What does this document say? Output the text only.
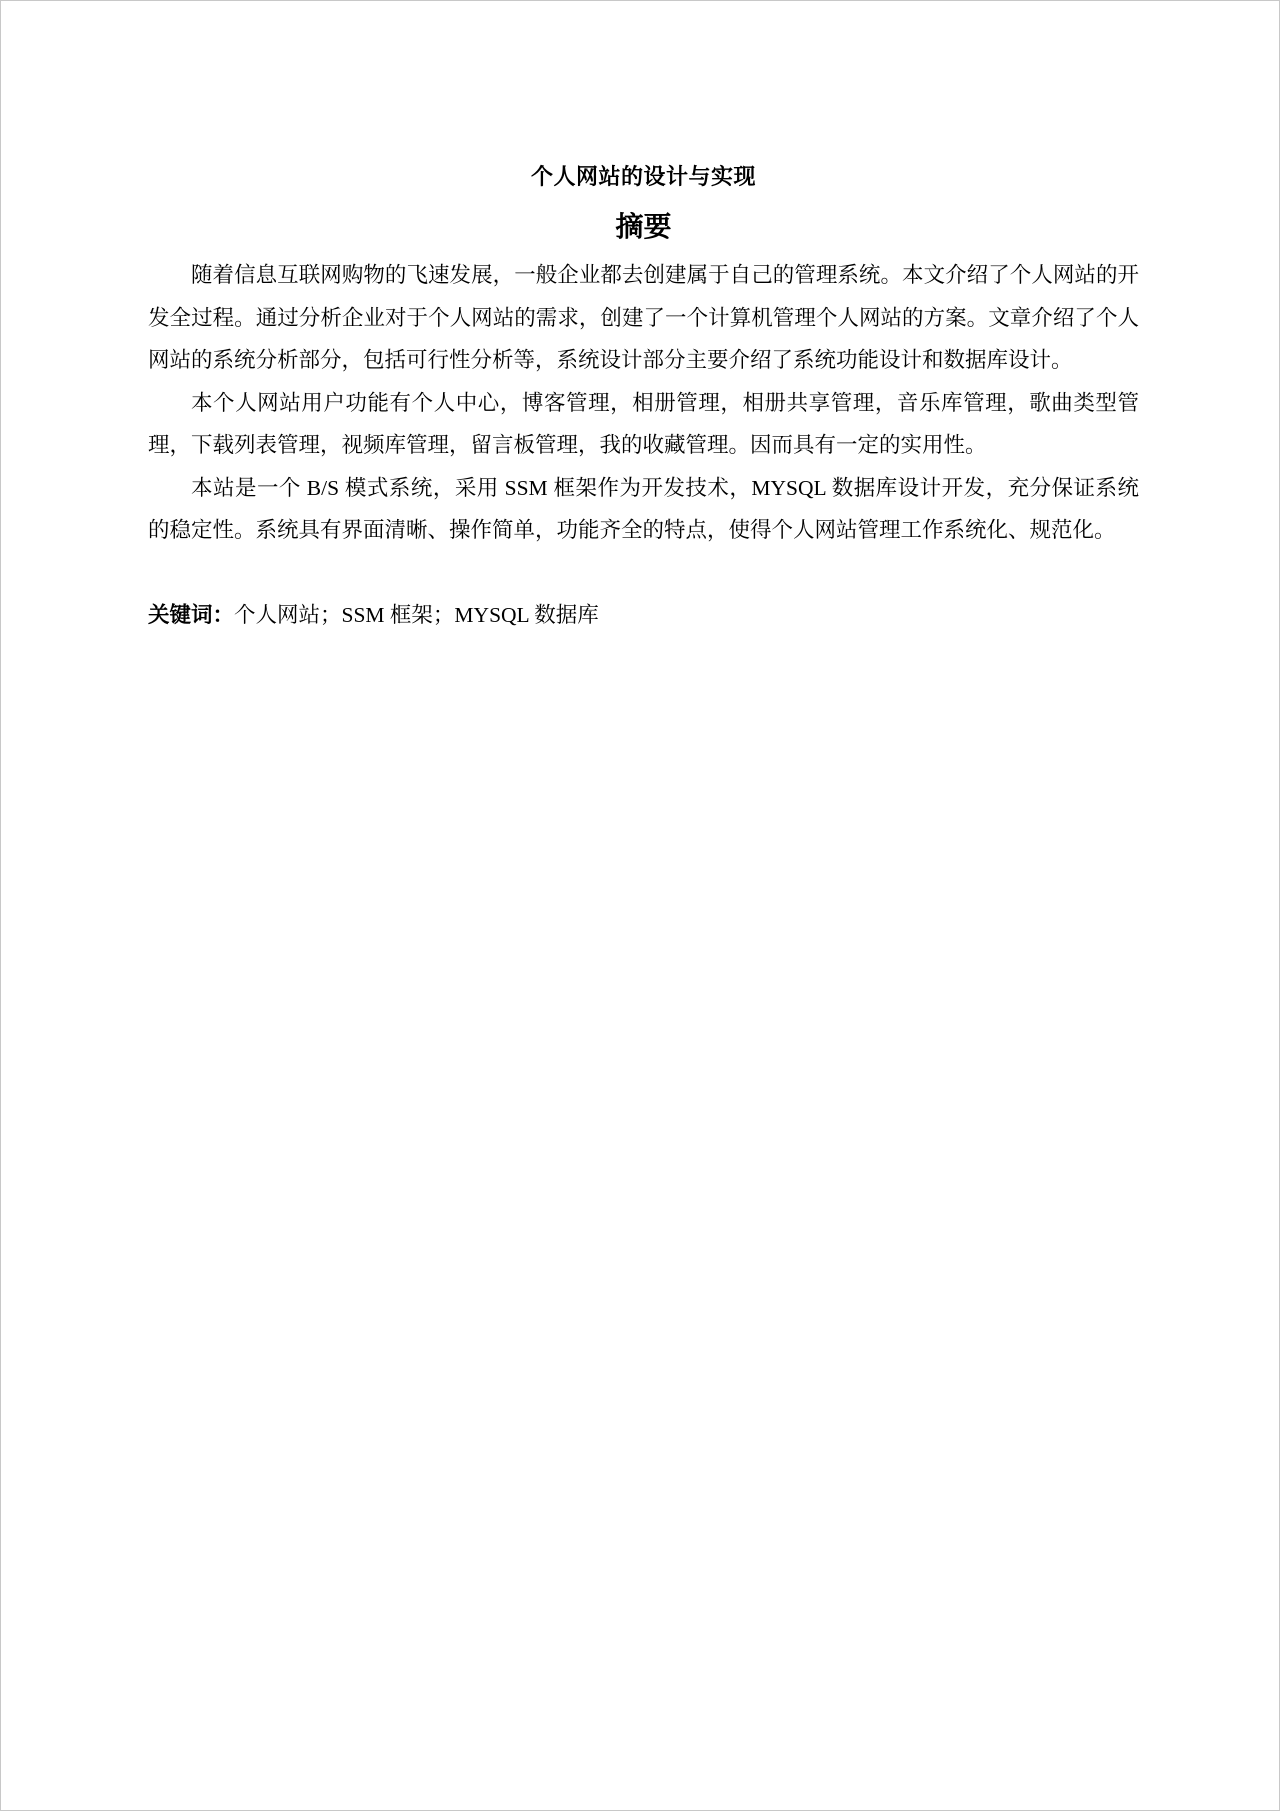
个人网站的设计与实现
摘要

随着信息互联网购物的飞速发展，一般企业都去创建属于自己的管理系统。本文介绍了个人网站的开发全过程。通过分析企业对于个人网站的需求，创建了一个计算机管理个人网站的方案。文章介绍了个人网站的系统分析部分，包括可行性分析等，系统设计部分主要介绍了系统功能设计和数据库设计。

本个人网站用户功能有个人中心，博客管理，相册管理，相册共享管理，音乐库管理，歌曲类型管理，下载列表管理，视频库管理，留言板管理，我的收藏管理。因而具有一定的实用性。

本站是一个 B/S 模式系统，采用 SSM 框架作为开发技术，MYSQL 数据库设计开发，充分保证系统的稳定性。系统具有界面清晰、操作简单，功能齐全的特点，使得个人网站管理工作系统化、规范化。

关键词：个人网站；SSM 框架；MYSQL 数据库
